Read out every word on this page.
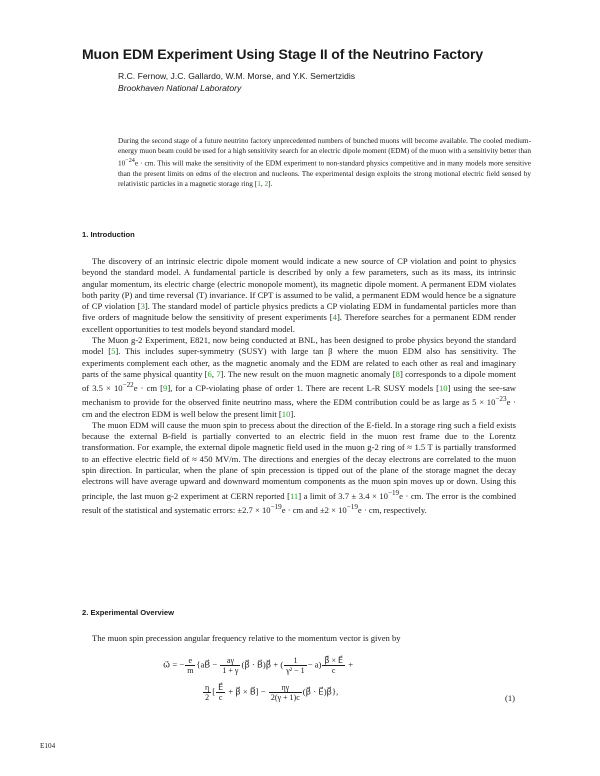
Muon EDM Experiment Using Stage II of the Neutrino Factory
R.C. Fernow, J.C. Gallardo, W.M. Morse, and Y.K. Semertzidis
Brookhaven National Laboratory
During the second stage of a future neutrino factory unprecedented numbers of bunched muons will become available. The cooled medium-energy muon beam could be used for a high sensitivity search for an electric dipole moment (EDM) of the muon with a sensitivity better than $10^{-24}e$ · cm. This will make the sensitivity of the EDM experiment to non-standard physics competitive and in many models more sensitive than the present limits on edms of the electron and nucleons. The experimental design exploits the strong motional electric field sensed by relativistic particles in a magnetic storage ring [1, 2].
1. Introduction

The discovery of an intrinsic electric dipole moment would indicate a new source of CP violation and point to physics beyond the standard model. A fundamental particle is described by only a few parameters, such as its mass, its intrinsic angular momentum, its electric charge (electric monopole moment), its magnetic dipole moment. A permanent EDM violates both parity (P) and time reversal (T) invariance. If CPT is assumed to be valid, a permanent EDM would hence be a signature of CP violation [3]. The standard model of particle physics predicts a CP violating EDM in fundamental particles more than five orders of magnitude below the sensitivity of present experiments [4]. Therefore searches for a permanent EDM render excellent opportunities to test models beyond standard model.

The Muon g-2 Experiment, E821, now being conducted at BNL, has been designed to probe physics beyond the standard model [5]. This includes super-symmetry (SUSY) with large tan β where the muon EDM also has sensitivity. The experiments complement each other, as the magnetic anomaly and the EDM are related to each other as real and imaginary parts of the same physical quantity [6, 7]. The new result on the muon magnetic anomaly [8] corresponds to a dipole moment of $3.5 \times 10^{-22}e$ · cm [9], for a CP-violating phase of order 1. There are recent L-R SUSY models [10] using the see-saw mechanism to provide for the observed finite neutrino mass, where the EDM contribution could be as large as $5 \times 10^{-23}e$ · cm and the electron EDM is well below the present limit [10].

The muon EDM will cause the muon spin to precess about the direction of the E-field. In a storage ring such a field exists because the external B-field is partially converted to an electric field in the muon rest frame due to the Lorentz transformation. For example, the external dipole magnetic field used in the muon g-2 ring of ≈ 1.5 T is partially transformed to an effective electric field of ≈ 450 MV/m. The directions and energies of the decay electrons are correlated to the muon spin direction. In particular, when the plane of spin precession is tipped out of the plane of the storage magnet the decay electrons will have average upward and downward momentum components as the muon spin moves up or down. Using this principle, the last muon g-2 experiment at CERN reported [11] a limit of $3.7 \pm 3.4 \times 10^{-19}e$ · cm. The error is the combined result of the statistical and systematic errors: $\pm 2.7 \times 10^{-19}e$ · cm and $\pm 2 \times 10^{-19}e$ · cm, respectively.

2. Experimental Overview

The muon spin precession angular frequency relative to the momentum vector is given by

ω⃗ = − $\frac{e}{m}$ {aB⃗ − $\frac{a\gamma}{1 + \gamma}$ (β⃗ · B⃗)β⃗ + ( $\frac{1}{\text{γ² − 1}} - a) \frac{\beta⃗ \times E⃗}{c}$ +
$\frac{\eta}{2}$ [ $\frac{E⃗}{c}$ + β⃗ × B⃗] − $\frac{\eta\gamma}{2(\gamma + 1)c}$ (β⃗ · E⃗)β⃗},
(1)
E104
